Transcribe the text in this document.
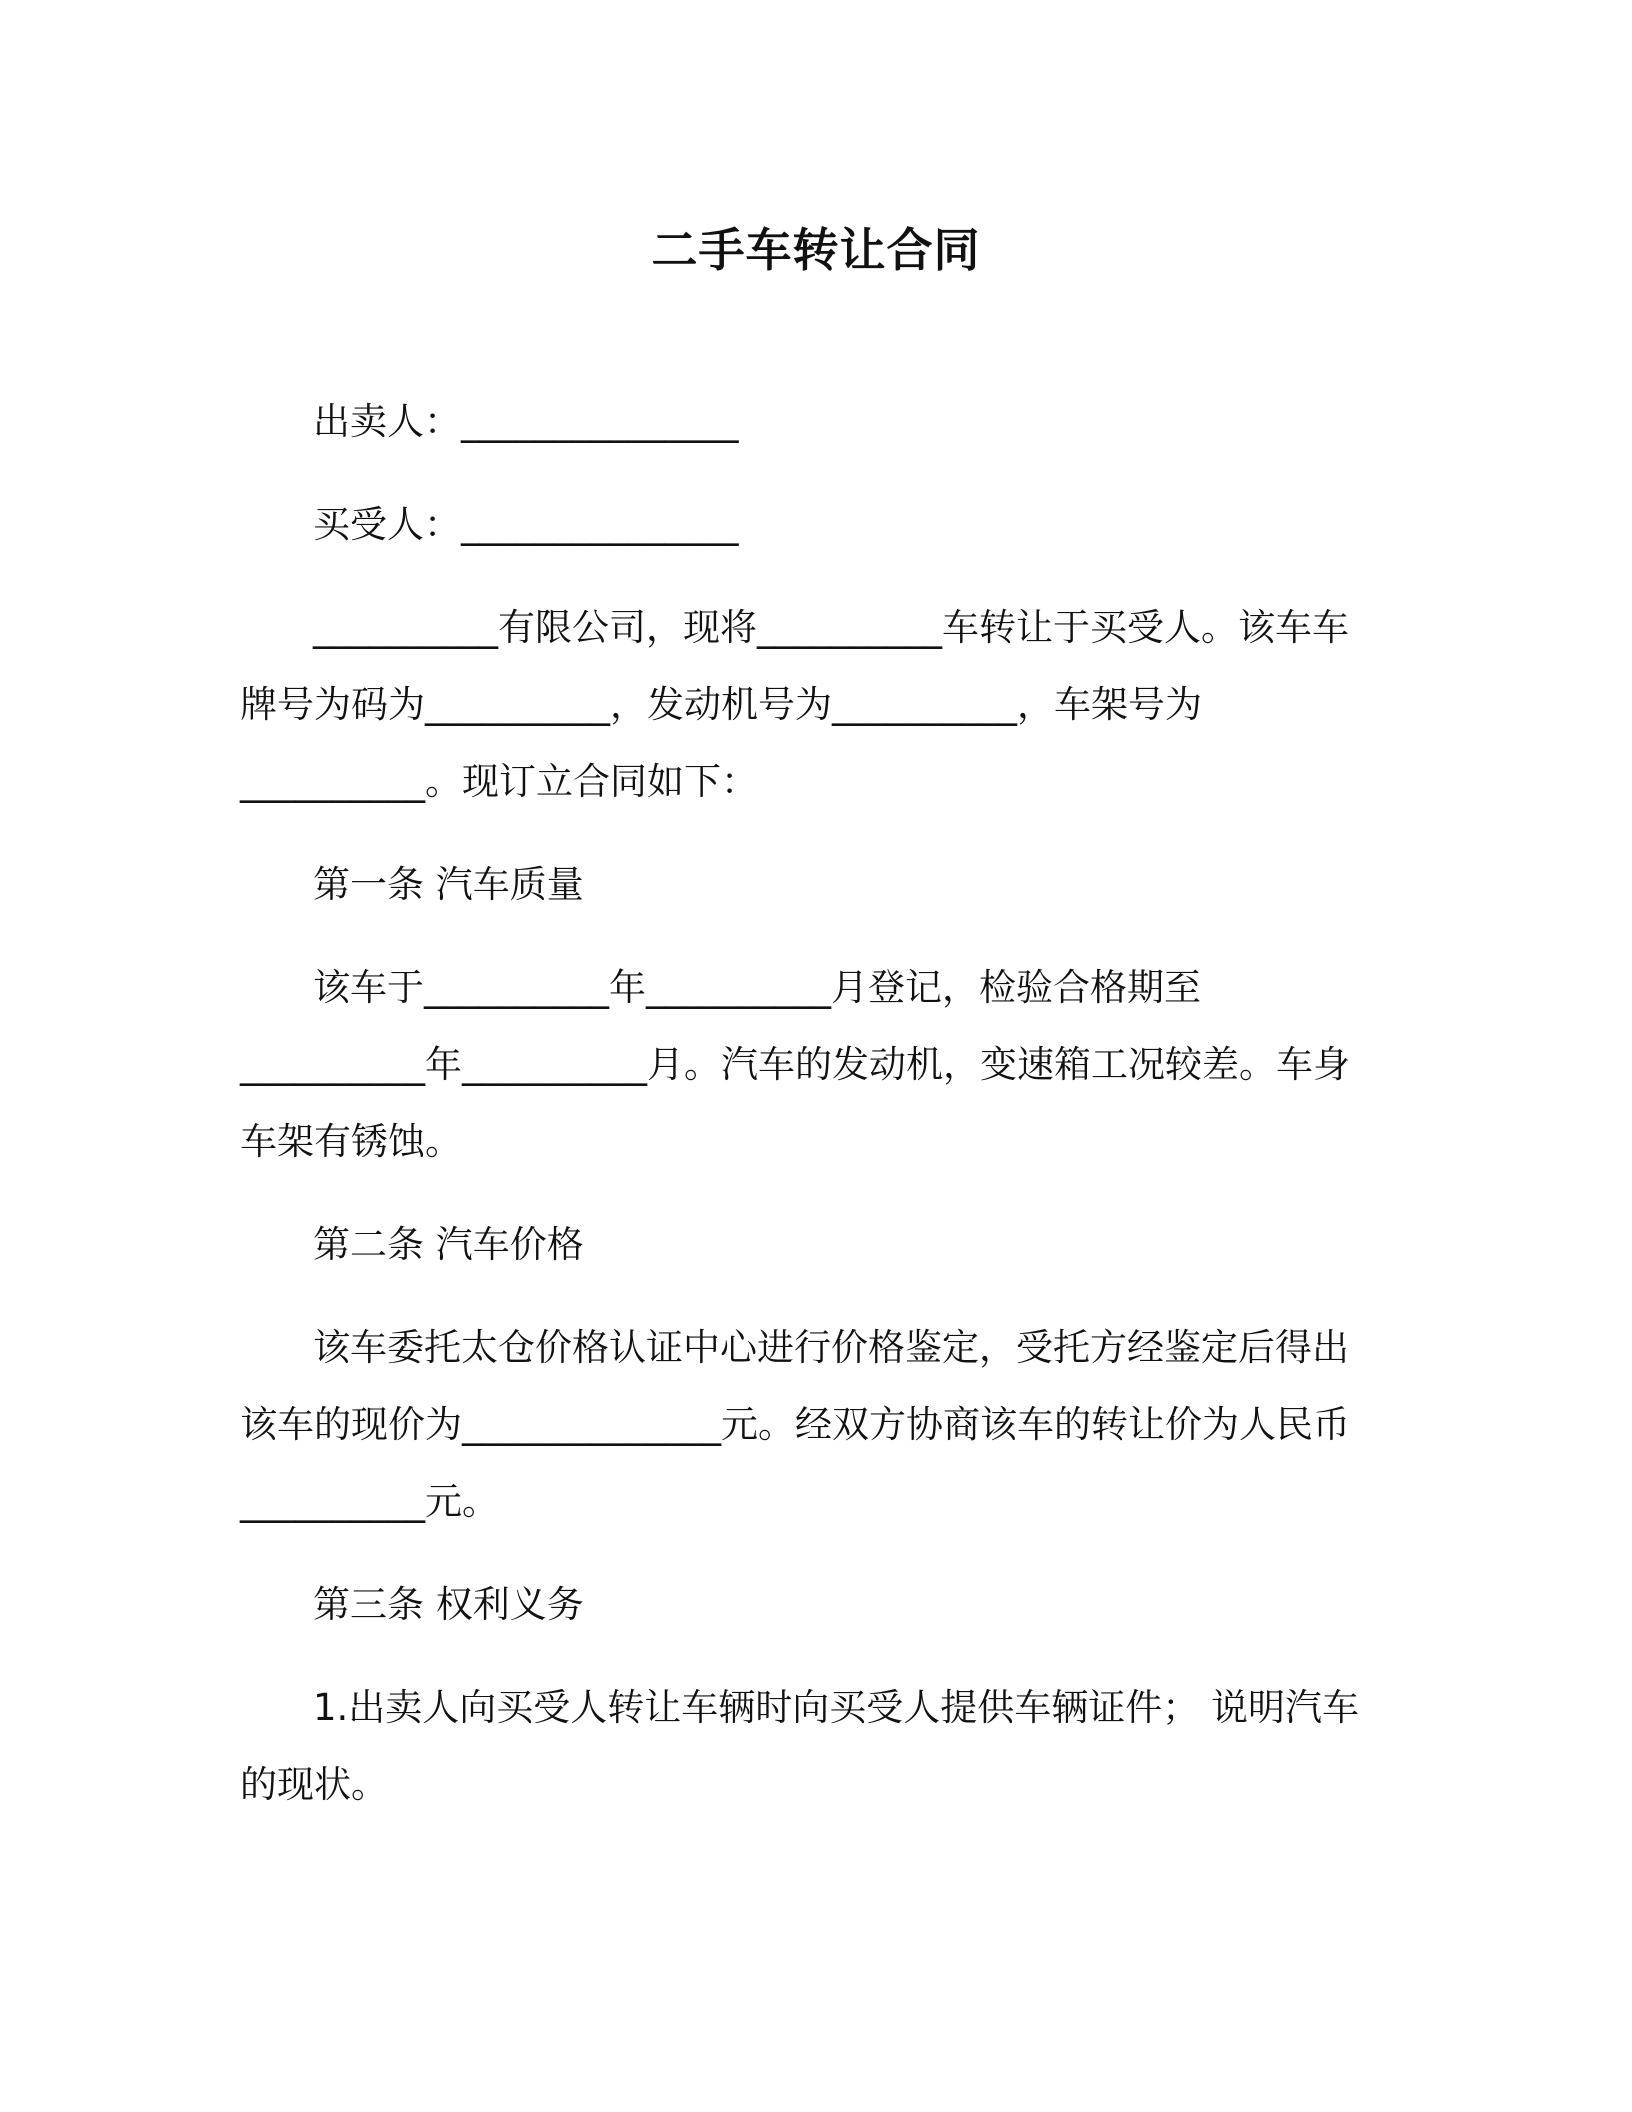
二手车转让合同
出卖人：_______________
买受人：_______________
__________有限公司，现将__________车转让于买受人。该车车
牌号为码为__________，发动机号为__________，车架号为
__________。现订立合同如下：
第一条 汽车质量
该车于__________年__________月登记，检验合格期至
__________年__________月。汽车的发动机，变速箱工况较差。车身
车架有锈蚀。
第二条 汽车价格
该车委托太仓价格认证中心进行价格鉴定，受托方经鉴定后得出
该车的现价为______________元。经双方协商该车的转让价为人民币
__________元。
第三条 权利义务
1.出卖人向买受人转让车辆时向买受人提供车辆证件； 说明汽车
的现状。
